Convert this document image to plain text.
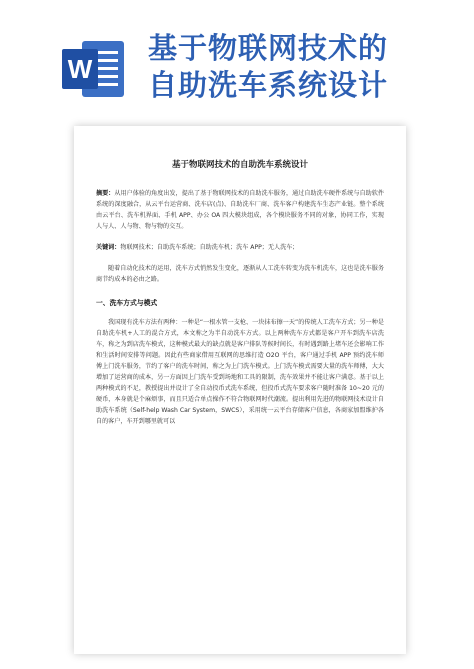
W
基于物联网技术的
自助洗车系统设计
基于物联网技术的自助洗车系统设计
摘要：从用户体验的角度出发，提出了基于物联网技术的自助洗车服务，通过自助洗车硬件系统与自助软件系统的深度融合，从云平台运营商、洗车店(点)、自助洗车厂商、洗车客户构建洗车生态产业链。整个系统由云平台、洗车机界面、手机 APP、办公 OA 四大模块组成，各个模块服务不同的对象，协同工作，实现人与人、人与物、物与物的交互。
关键词：物联网技术；自助洗车系统；自助洗车机；洗车 APP；无人洗车；
随着自动化技术的运用，洗车方式悄然发生变化，逐渐从人工洗车转变为洗车机洗车，这也是洗车服务商节约成本的必由之路。
一、洗车方式与模式
我国现有洗车方法有两种：一种是“一根水管一支枪、一块抹布擦一天”的传统人工洗车方式；另一种是自助洗车机+人工的混合方式，本文称之为半自动洗车方式。以上两种洗车方式都是客户开车到洗车店洗车，称之为到店洗车模式，这种模式最大的缺点就是客户排队等候时间长，有时遇到路上堵车还会影响工作和生活时间安排等问题。因此有些商家借用互联网的思维打造 O2O 平台，客户通过手机 APP 预约洗车师傅上门洗车服务，节约了客户的洗车时间，称之为上门洗车模式。上门洗车模式需要大量的洗车师傅，大大增加了运营商的成本，另一方面因上门洗车受到场地和工具的限制，洗车效果并不能让客户满意。基于以上两种模式的不足，教授提出并设计了全自动投币式洗车系统，但投币式洗车要求客户随时准备 10~20 元的硬币，本身就是个麻烦事，而且只适合单点操作不符合物联网时代潮流。提出利用先进的物联网技术设计自助洗车系统（Self-help Wash Car System，SWCS），采用统一云平台存储客户信息，各商家加盟维护各自的客户，车开到哪里就可以
